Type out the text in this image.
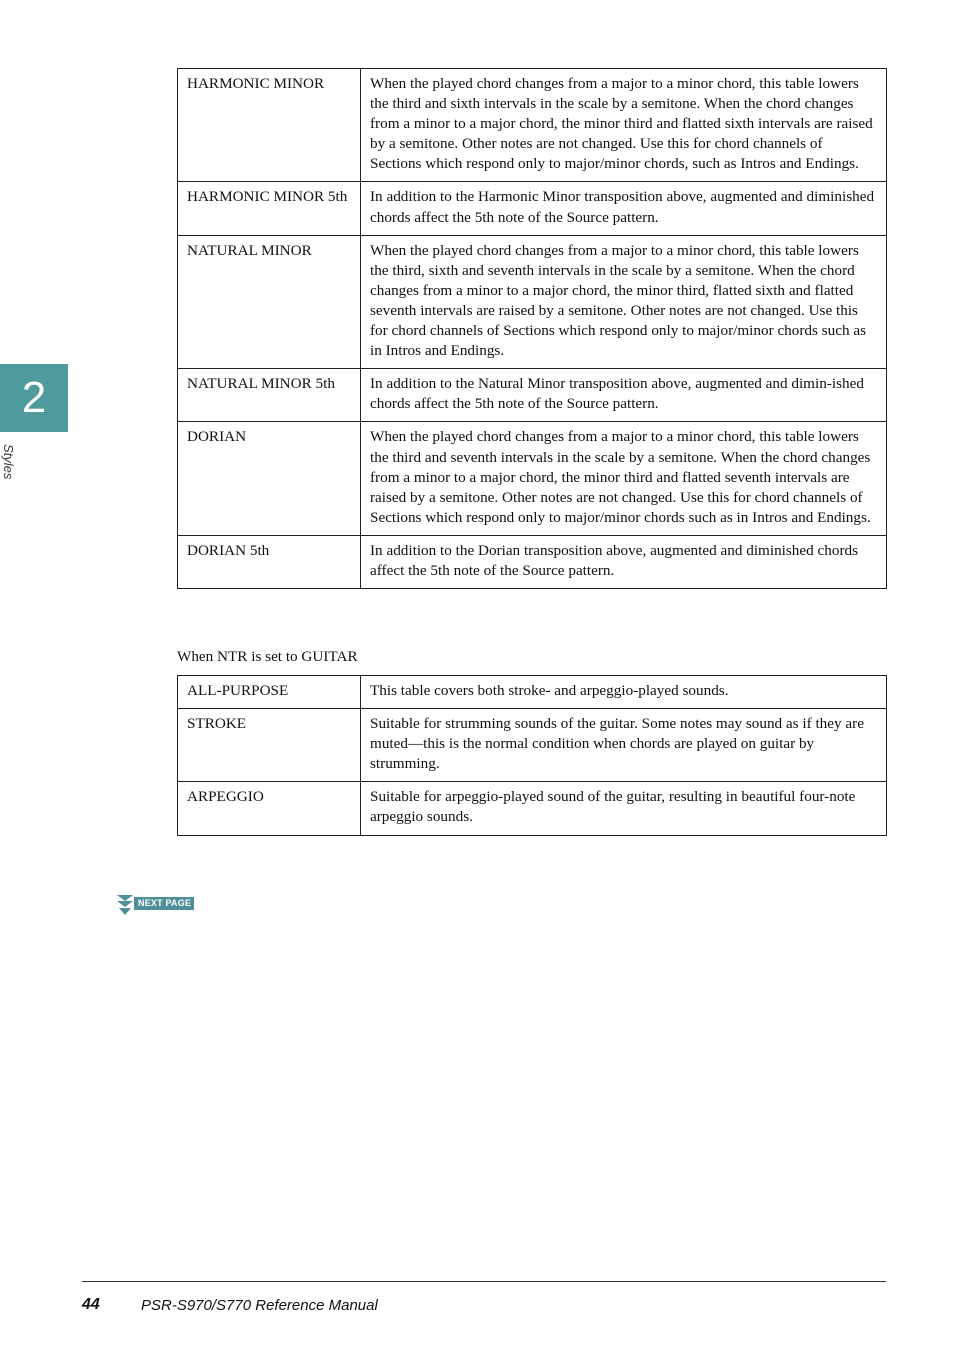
2
Styles
HARMONIC MINOR	When the played chord changes from a major to a minor chord, this table lowers the third and sixth intervals in the scale by a semitone. When the chord changes from a minor to a major chord, the minor third and flatted sixth intervals are raised by a semitone. Other notes are not changed. Use this for chord channels of Sections which respond only to major/minor chords, such as Intros and Endings.
HARMONIC MINOR 5th	In addition to the Harmonic Minor transposition above, augmented and diminished chords affect the 5th note of the Source pattern.
NATURAL MINOR	When the played chord changes from a major to a minor chord, this table lowers the third, sixth and seventh intervals in the scale by a semitone. When the chord changes from a minor to a major chord, the minor third, flatted sixth and flatted seventh intervals are raised by a semitone. Other notes are not changed. Use this for chord channels of Sections which respond only to major/minor chords such as in Intros and Endings.
NATURAL MINOR 5th	In addition to the Natural Minor transposition above, augmented and dimin-ished chords affect the 5th note of the Source pattern.
DORIAN	When the played chord changes from a major to a minor chord, this table lowers the third and seventh intervals in the scale by a semitone. When the chord changes from a minor to a major chord, the minor third and flatted seventh intervals are raised by a semitone. Other notes are not changed. Use this for chord channels of Sections which respond only to major/minor chords such as in Intros and Endings.
DORIAN 5th	In addition to the Dorian transposition above, augmented and diminished chords affect the 5th note of the Source pattern.
When NTR is set to GUITAR
ALL-PURPOSE	This table covers both stroke- and arpeggio-played sounds.
STROKE	Suitable for strumming sounds of the guitar. Some notes may sound as if they are muted—this is the normal condition when chords are played on guitar by strumming.
ARPEGGIO	Suitable for arpeggio-played sound of the guitar, resulting in beautiful four-note arpeggio sounds.
NEXT PAGE
44	PSR-S970/S770 Reference Manual
